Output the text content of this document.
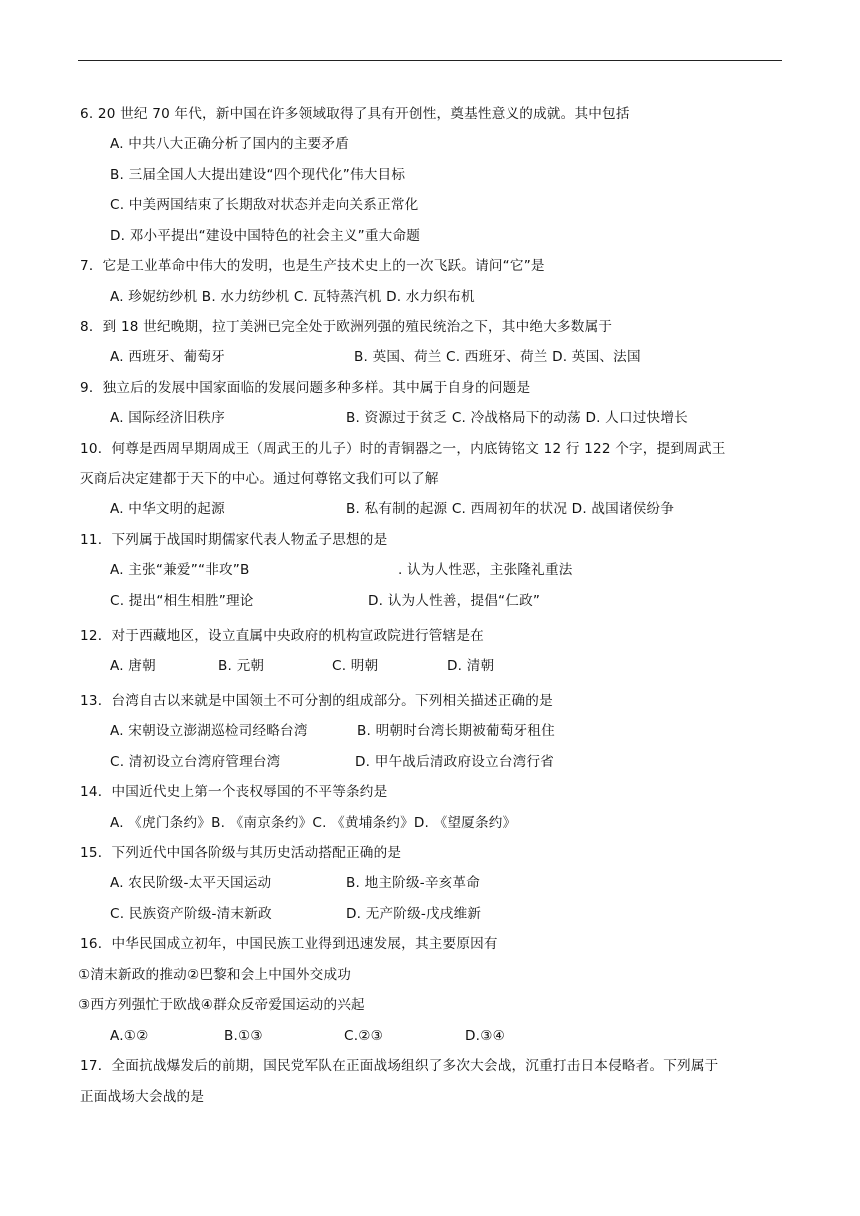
6. 20 世纪 70 年代，新中国在许多领域取得了具有开创性，奠基性意义的成就。其中包括
A. 中共八大正确分析了国内的主要矛盾
B. 三届全国人大提出建设“四个现代化”伟大目标
C. 中美两国结束了长期敌对状态并走向关系正常化
D. 邓小平提出“建设中国特色的社会主义”重大命题
7．它是工业革命中伟大的发明，也是生产技术史上的一次飞跃。请问“它”是
A. 珍妮纺纱机 B. 水力纺纱机 C. 瓦特蒸汽机 D. 水力织布机
8．到 18 世纪晚期，拉丁美洲已完全处于欧洲列强的殖民统治之下，其中绝大多数属于
A. 西班牙、葡萄牙	B. 英国、荷兰 C. 西班牙、荷兰 D. 英国、法国
9．独立后的发展中国家面临的发展问题多种多样。其中属于自身的问题是
A. 国际经济旧秩序	B. 资源过于贫乏 C. 冷战格局下的动荡 D. 人口过快增长
10．何尊是西周早期周成王（周武王的儿子）时的青铜器之一，内底铸铭文 12 行 122 个字，提到周武王
灭商后决定建都于天下的中心。通过何尊铭文我们可以了解
A. 中华文明的起源	B. 私有制的起源 C. 西周初年的状况 D. 战国诸侯纷争
11．下列属于战国时期儒家代表人物孟子思想的是
A. 主张“兼爱”“非攻”B	. 认为人性恶，主张隆礼重法
C. 提出“相生相胜”理论	D. 认为人性善，提倡“仁政”
12．对于西藏地区，设立直属中央政府的机构宣政院进行管辖是在
A. 唐朝	B. 元朝	C. 明朝	D. 清朝
13．台湾自古以来就是中国领土不可分割的组成部分。下列相关描述正确的是
A. 宋朝设立澎湖巡检司经略台湾	B. 明朝时台湾长期被葡萄牙租住
C. 清初设立台湾府管理台湾	D. 甲午战后清政府设立台湾行省
14．中国近代史上第一个丧权辱国的不平等条约是
A. 《虎门条约》B. 《南京条约》C. 《黄埔条约》D. 《望厦条约》
15．下列近代中国各阶级与其历史活动搭配正确的是
A. 农民阶级-太平天国运动	B. 地主阶级-辛亥革命
C. 民族资产阶级-清末新政	D. 无产阶级-戊戌维新
16．中华民国成立初年，中国民族工业得到迅速发展，其主要原因有
①清末新政的推动②巴黎和会上中国外交成功
③西方列强忙于欧战④群众反帝爱国运动的兴起
A.①②	B.①③	C.②③	D.③④
17．全面抗战爆发后的前期，国民党军队在正面战场组织了多次大会战，沉重打击日本侵略者。下列属于
正面战场大会战的是
